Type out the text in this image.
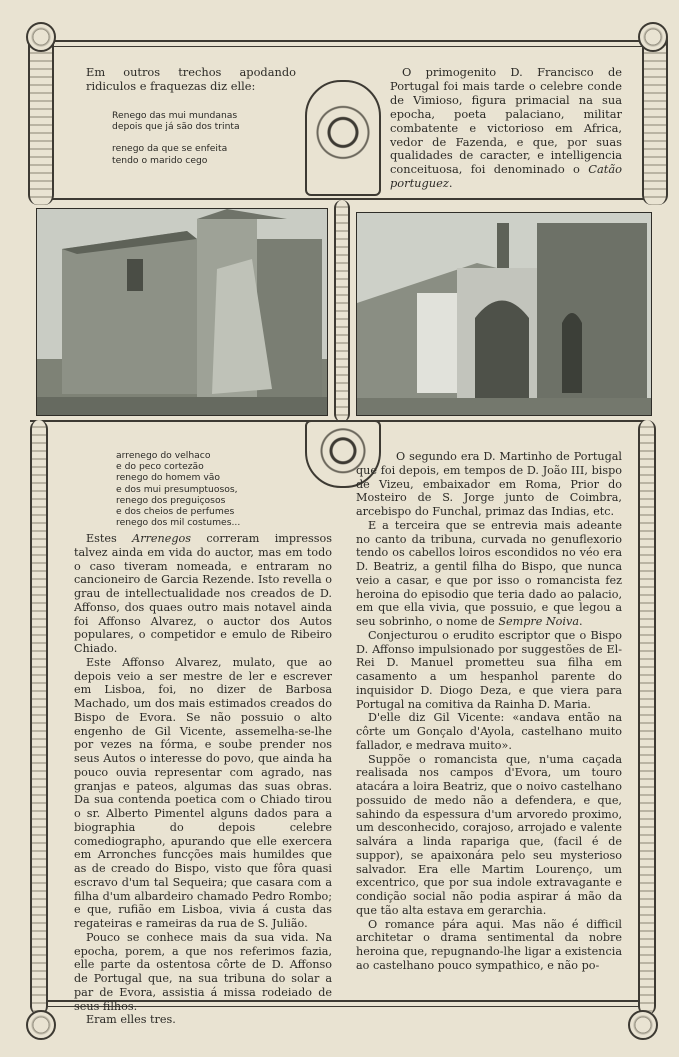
Em outros trechos apodando ridiculos e fraquezas diz elle:

Renego das mui mundanas
depois que já são dos trinta
renego da que se enfeita
tendo o marido cego

O primogenito D. Francisco de Portugal foi mais tarde o celebre conde de Vimioso, figura primacial na sua epocha, poeta palaciano, militar combatente e victorioso em Africa, vedor de Fazenda, e que, por suas qualidades de caracter, e intelligencia conceituosa, foi denominado o Catão portuguez.

arrenego do velhaco
e do peco cortezão
renego do homem vão
e dos mui presumptuosos,
renego dos preguiçosos
e dos cheios de perfumes
renego dos mil costumes...

Estes Arrenegos correram impressos talvez ainda em vida do auctor, mas em todo o caso tiveram nomeada, e entraram no cancioneiro de Garcia Rezende. Isto revella o grau de intellectualidade nos creados de D. Affonso, dos quaes outro mais notavel ainda foi Affonso Alvarez, o auctor dos Autos populares, o competidor e emulo de Ribeiro Chiado.

Este Affonso Alvarez, mulato, que ao depois veio a ser mestre de ler e escrever em Lisboa, foi, no dizer de Barbosa Machado, um dos mais estimados creados do Bispo de Evora. Se não possuio o alto engenho de Gil Vicente, assemelha-se-lhe por vezes na fórma, e soube prender nos seus Autos o interesse do povo, que ainda ha pouco ouvia representar com agrado, nas granjas e pateos, algumas das suas obras. Da sua contenda poetica com o Chiado tirou o sr. Alberto Pimentel alguns dados para a biographia do depois celebre comediographo, apurando que elle exercera em Arronches funcções mais humildes que as de creado do Bispo, visto que fôra quasi escravo d'um tal Sequeira; que casara com a filha d'um albardeiro chamado Pedro Rombo; e que, rufião em Lisboa, vivia á custa das regateiras e rameiras da rua de S. Julião.

Pouco se conhece mais da sua vida. Na epocha, porem, a que nos referimos fazia, elle parte da ostentosa côrte de D. Affonso de Portugal que, na sua tribuna do solar a par de Evora, assistia á missa rodeiado de seus filhos.

Eram elles tres.

O segundo era D. Martinho de Portugal que foi depois, em tempos de D. João III, bispo de Vizeu, embaixador em Roma, Prior do Mosteiro de S. Jorge junto de Coimbra, arcebispo do Funchal, primaz das Indias, etc.

E a terceira que se entrevia mais adeante no canto da tribuna, curvada no genuflexorio tendo os cabellos loiros escondidos no véo era D. Beatriz, a gentil filha do Bispo, que nunca veio a casar, e que por isso o romancista fez heroina do episodio que teria dado ao palacio, em que ella vivia, que possuio, e que legou a seu sobrinho, o nome de Sempre Noiva.

Conjecturou o erudito escriptor que o Bispo D. Affonso impulsionado por suggestões de El-Rei D. Manuel prometteu sua filha em casamento a um hespanhol parente do inquisidor D. Diogo Deza, e que viera para Portugal na comitiva da Rainha D. Maria.

D'elle diz Gil Vicente: «andava então na côrte um Gonçalo d'Ayola, castelhano muito fallador, e medrava muito».

Suppõe o romancista que, n'uma caçada realisada nos campos d'Evora, um touro atacára a loira Beatriz, que o noivo castelhano possuido de medo não a defendera, e que, sahindo da espessura d'um arvoredo proximo, um desconhecido, corajoso, arrojado e valente salvára a linda rapariga que, (facil é de suppor), se apaixonára pelo seu mysterioso salvador. Era elle Martim Lourenço, um excentrico, que por sua indole extravagante e condição social não podia aspirar á mão da que tão alta estava em gerarchia.

O romance pára aqui. Mas não é difficil architetar o drama sentimental da nobre heroina que, repugnando-lhe ligar a existencia ao castelhano pouco sympathico, e não po-
